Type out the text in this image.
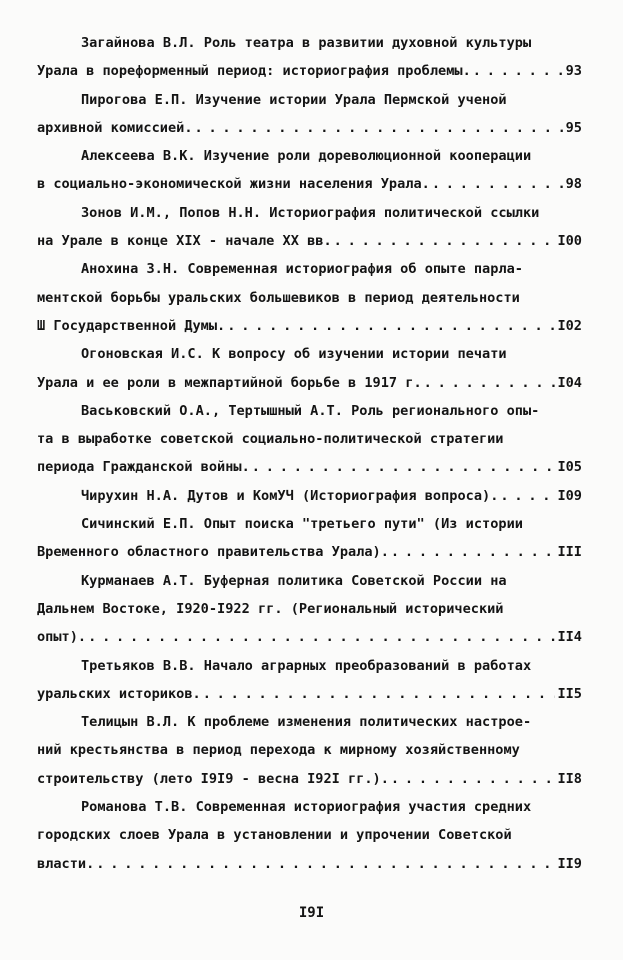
Загайнова В.Л. Роль театра в развитии духовной культуры
Урала в пореформенный период: историография проблемы. . . .	93
Пирогова Е.П. Изучение истории Урала Пермской ученой
архивной комиссией. . . .	95
Алексеева В.К. Изучение роли дореволюционной кооперации
в социально-экономической жизни населения Урала. . . .	98
Зонов И.М., Попов Н.Н. Историография политической ссылки
на Урале в конце XIX - начале XX вв. . . .	I00
Анохина З.Н. Современная историография об опыте парла-
ментской борьбы уральских большевиков в период деятельности
Ш Государственной Думы. . . .	I02
Огоновская И.С. К вопросу об изучении истории печати
Урала и ее роли в межпартийной борьбе в 1917 г. . . .	I04
Васьковский О.А., Тертышный А.Т. Роль регионального опы-
та в выработке советской социально-политической стратегии
периода Гражданской войны. . . .	I05
Чирухин Н.А. Дутов и КомУЧ (Историография вопроса). . . .	I09
Сичинский Е.П. Опыт поиска "третьего пути" (Из истории
Временного областного правительства Урала). . . .	III
Курманаев А.Т. Буферная политика Советской России на
Дальнем Востоке, I920-I922 гг. (Региональный исторический
опыт). . . .	II4
Третьяков В.В. Начало аграрных преобразований в работах
уральских историков. . . .	II5
Телицын В.Л. К проблеме изменения политических настрое-
ний крестьянства в период перехода к мирному хозяйственному
строительству (лето I9I9 - весна I92I гг.). . . .	II8
Романова Т.В. Современная историография участия средних
городских слоев Урала в установлении и упрочении Советской
власти. . . .	II9
I9I
